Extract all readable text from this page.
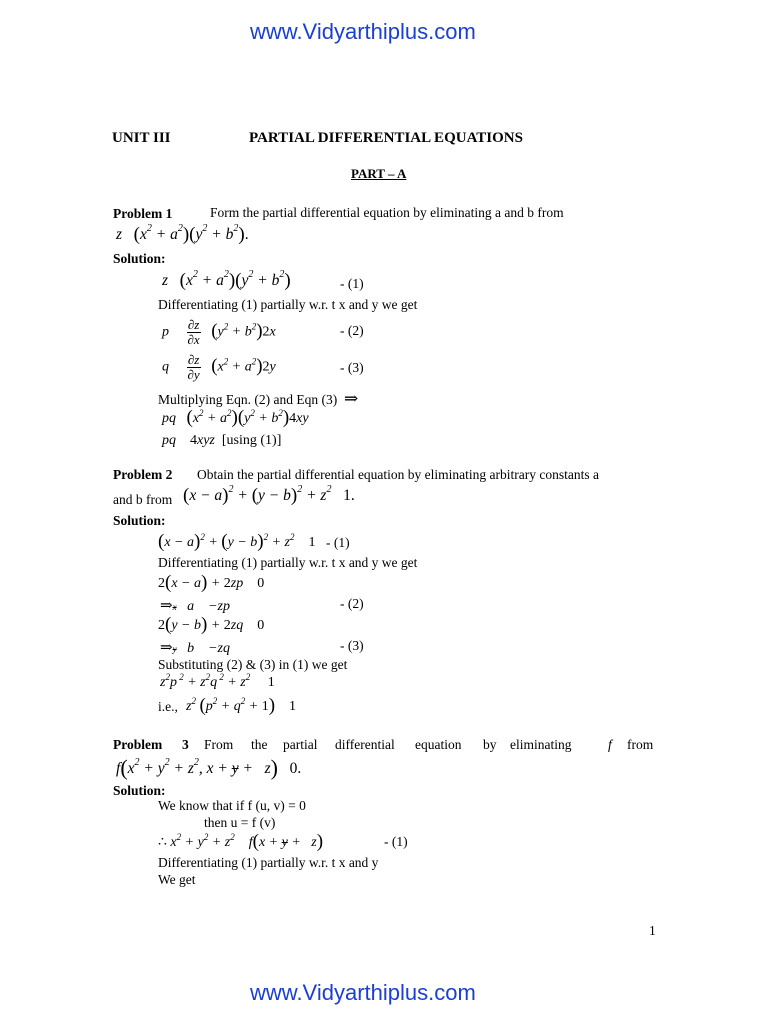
www.Vidyarthiplus.com
UNIT III	PARTIAL DIFFERENTIAL EQUATIONS
PART – A
Problem 1	Form the partial differential equation by eliminating a and b from
z   $(x^2 + a^2)(y^2 + b^2)$.
Solution:
z   $(x^2 + a^2)(y^2 + b^2)$	- (1)
Differentiating (1) partially w.r. t x and y we get
p $\frac{\partial z}{\partial x} (y^2 + b^2)2x$	- (2)
q $\frac{\partial z}{\partial y} (x^2 + a^2)2y$	- (3)
Multiplying Eqn. (2) and Eqn (3) ⇒
pq   $(x^2 + a^2)(y^2 + b^2)4xy$
pq    4xyz  [using (1)]
Problem 2 Obtain the partial differential equation by eliminating arbitrary constants a
and b from $(x - a)^2 + (y - b)^2 + z^2$ 1.
Solution:
$(x - a)^2 + (y - b)^2 + z^2$ 1 - (1)
Differentiating (1) partially w.r. t x and y we get
2(x − a) + 2zp    0
⇒x   a    −zp	- (2)
2(y − b) + 2zq    0
⇒y   b    −zq	- (3)
Substituting (2) & (3) in (1) we get
$z^2p$ $^2 + z^2q$ $^2 + z^2$ 1
i.e., $z^2$ $(p^2 + q^2 + 1)$ 1
Problem 3 From the partial differential equation by eliminating	f from
$f(x^2 + y^2 + z^2$, x + y +   z) 0.
Solution:
We know that if f (u, v) = 0
then u = f (v)
∴ $x^2 + y^2 + z^2$    f(x + y +   z)	- (1)
Differentiating (1) partially w.r. t x and y
We get
1
www.Vidyarthiplus.com
